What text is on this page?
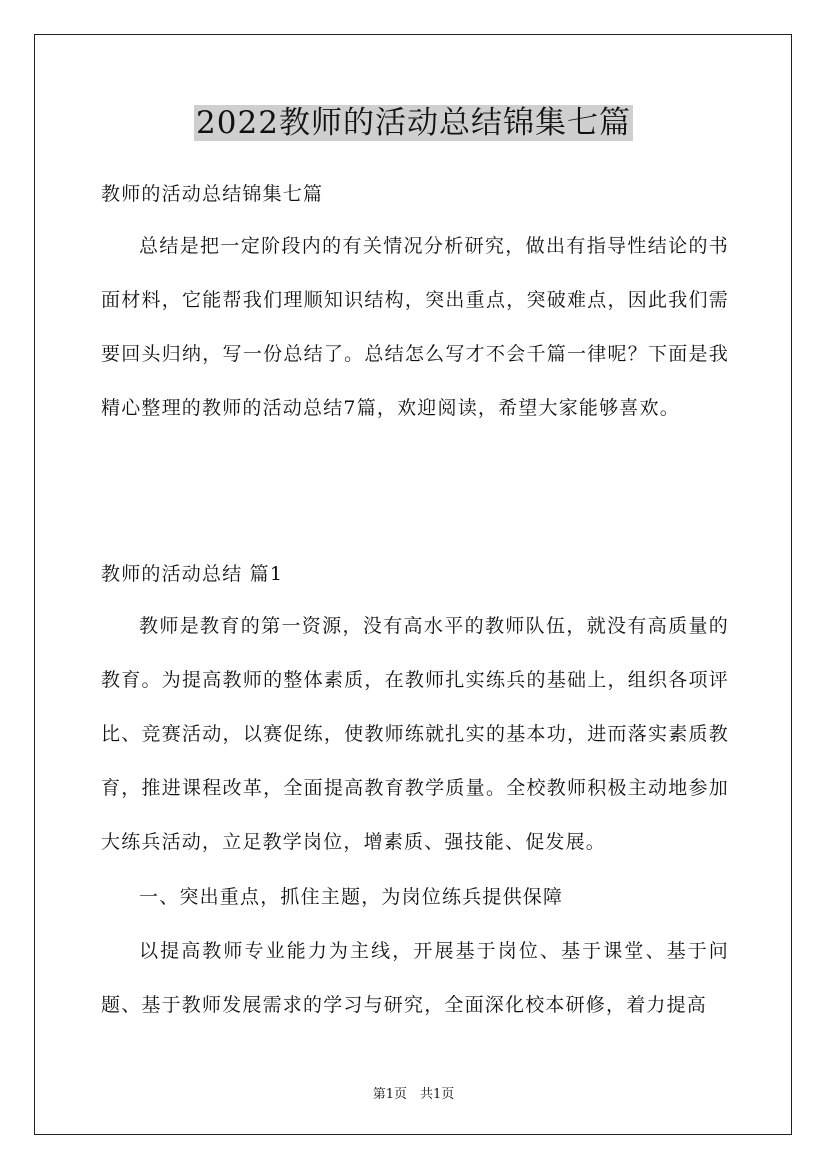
2022教师的活动总结锦集七篇
教师的活动总结锦集七篇
总结是把一定阶段内的有关情况分析研究，做出有指导性结论的书面材料，它能帮我们理顺知识结构，突出重点，突破难点，因此我们需要回头归纳，写一份总结了。总结怎么写才不会千篇一律呢？下面是我精心整理的教师的活动总结7篇，欢迎阅读，希望大家能够喜欢。
教师的活动总结 篇1
教师是教育的第一资源，没有高水平的教师队伍，就没有高质量的教育。为提高教师的整体素质，在教师扎实练兵的基础上，组织各项评比、竞赛活动，以赛促练，使教师练就扎实的基本功，进而落实素质教育，推进课程改革，全面提高教育教学质量。全校教师积极主动地参加大练兵活动，立足教学岗位，增素质、强技能、促发展。
一、突出重点，抓住主题，为岗位练兵提供保障
以提高教师专业能力为主线，开展基于岗位、基于课堂、基于问题、基于教师发展需求的学习与研究，全面深化校本研修，着力提高
第1页　共1页
